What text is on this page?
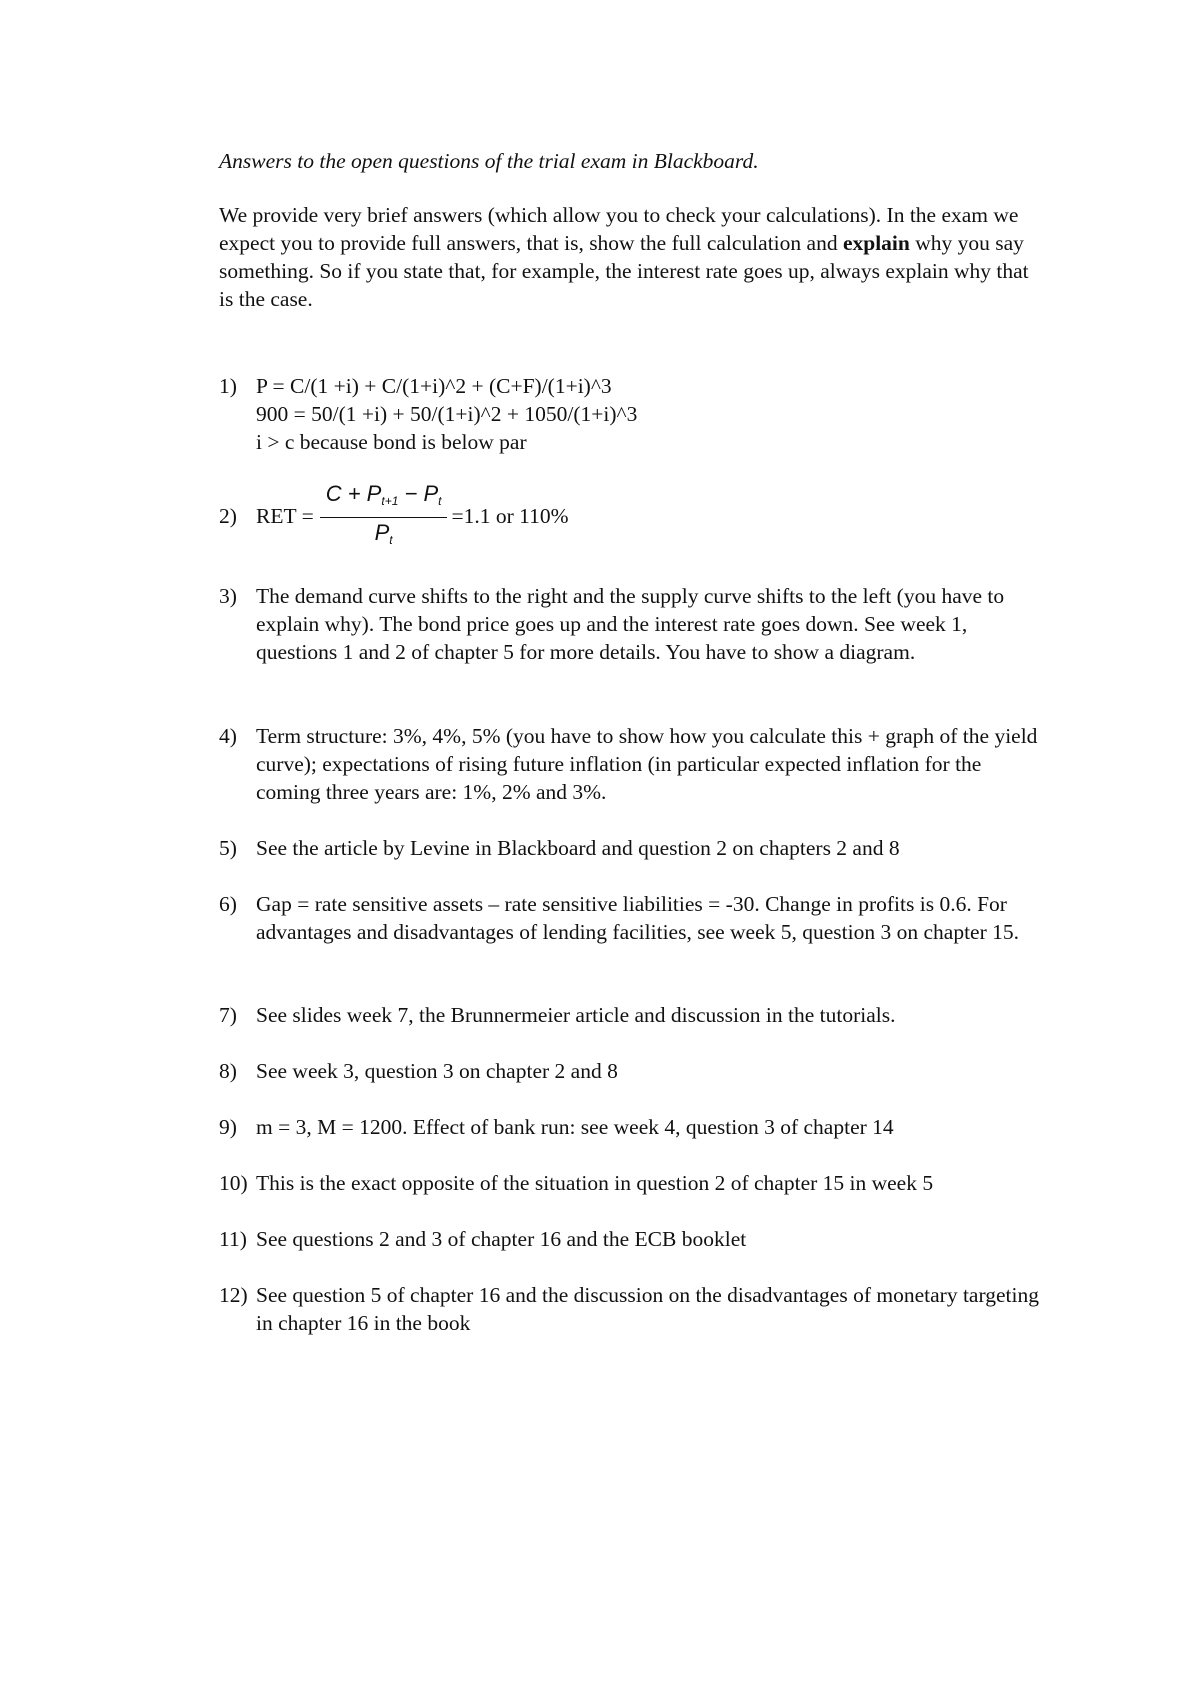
Answers to the open questions of the trial exam in Blackboard.

We provide very brief answers (which allow you to check your calculations). In the exam we expect you to provide full answers, that is, show the full calculation and explain why you say something. So if you state that, for example, the interest rate goes up, always explain why that is the case.

1) P = C/(1 +i) + C/(1+i)^2 + (C+F)/(1+i)^3
900 = 50/(1 +i) + 50/(1+i)^2 + 1050/(1+i)^3
i > c because bond is below par
2) RET = $\frac{C + P_{t+1} - P_t}{P_t} =1.1$ or 110%
3) The demand curve shifts to the right and the supply curve shifts to the left (you have to explain why). The bond price goes up and the interest rate goes down. See week 1, questions 1 and 2 of chapter 5 for more details. You have to show a diagram.
4) Term structure: 3%, 4%, 5% (you have to show how you calculate this + graph of the yield curve); expectations of rising future inflation (in particular expected inflation for the coming three years are: 1%, 2% and 3%.
5) See the article by Levine in Blackboard and question 2 on chapters 2 and 8
6) Gap = rate sensitive assets – rate sensitive liabilities = -30. Change in profits is 0.6. For advantages and disadvantages of lending facilities, see week 5, question 3 on chapter 15.
7) See slides week 7, the Brunnermeier article and discussion in the tutorials.
8) See week 3, question 3 on chapter 2 and 8
9) m = 3, M = 1200. Effect of bank run: see week 4, question 3 of chapter 14
10) This is the exact opposite of the situation in question 2 of chapter 15 in week 5
11) See questions 2 and 3 of chapter 16 and the ECB booklet
12) See question 5 of chapter 16 and the discussion on the disadvantages of monetary targeting in chapter 16 in the book
